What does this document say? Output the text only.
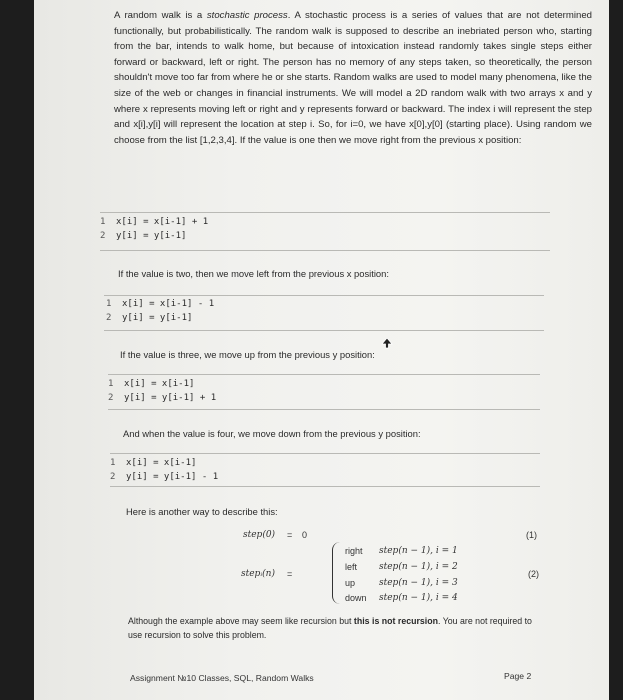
A random walk is a stochastic process. A stochastic process is a series of values that are not determined functionally, but probabilistically. The random walk is supposed to describe an inebriated person who, starting from the bar, intends to walk home, but because of intoxication instead randomly takes single steps either forward or backward, left or right. The person has no memory of any steps taken, so theoretically, the person shouldn't move too far from where he or she starts. Random walks are used to model many phenomena, like the size of the web or changes in financial instruments. We will model a 2D random walk with two arrays x and y where x represents moving left or right and y represents forward or backward. The index i will represent the step and x[i],y[i] will represent the location at step i. So, for i=0, we have x[0],y[0] (starting place). Using random we choose from the list [1,2,3,4]. If the value is one then we move right from the previous x position:

1 x[i] = x[i-1] + 1
2 y[i] = y[i-1]

If the value is two, then we move left from the previous x position:

1 x[i] = x[i-1] - 1
2 y[i] = y[i-1]

If the value is three, we move up from the previous y position:

1 x[i] = x[i-1]
2 y[i] = y[i-1] + 1

And when the value is four, we move down from the previous y position:

1 x[i] = x[i-1]
2 y[i] = y[i-1] - 1

Here is another way to describe this:

step(0) = 0	(1)
stepᵢ(n) =
right step(n − 1), i = 1
left step(n − 1), i = 2
up	step(n − 1), i = 3
down step(n − 1), i = 4
(2)

Although the example above may seem like recursion but this is not recursion. You are not required to use recursion to solve this problem.

Assignment №10 Classes, SQL, Random Walks	Page 2
